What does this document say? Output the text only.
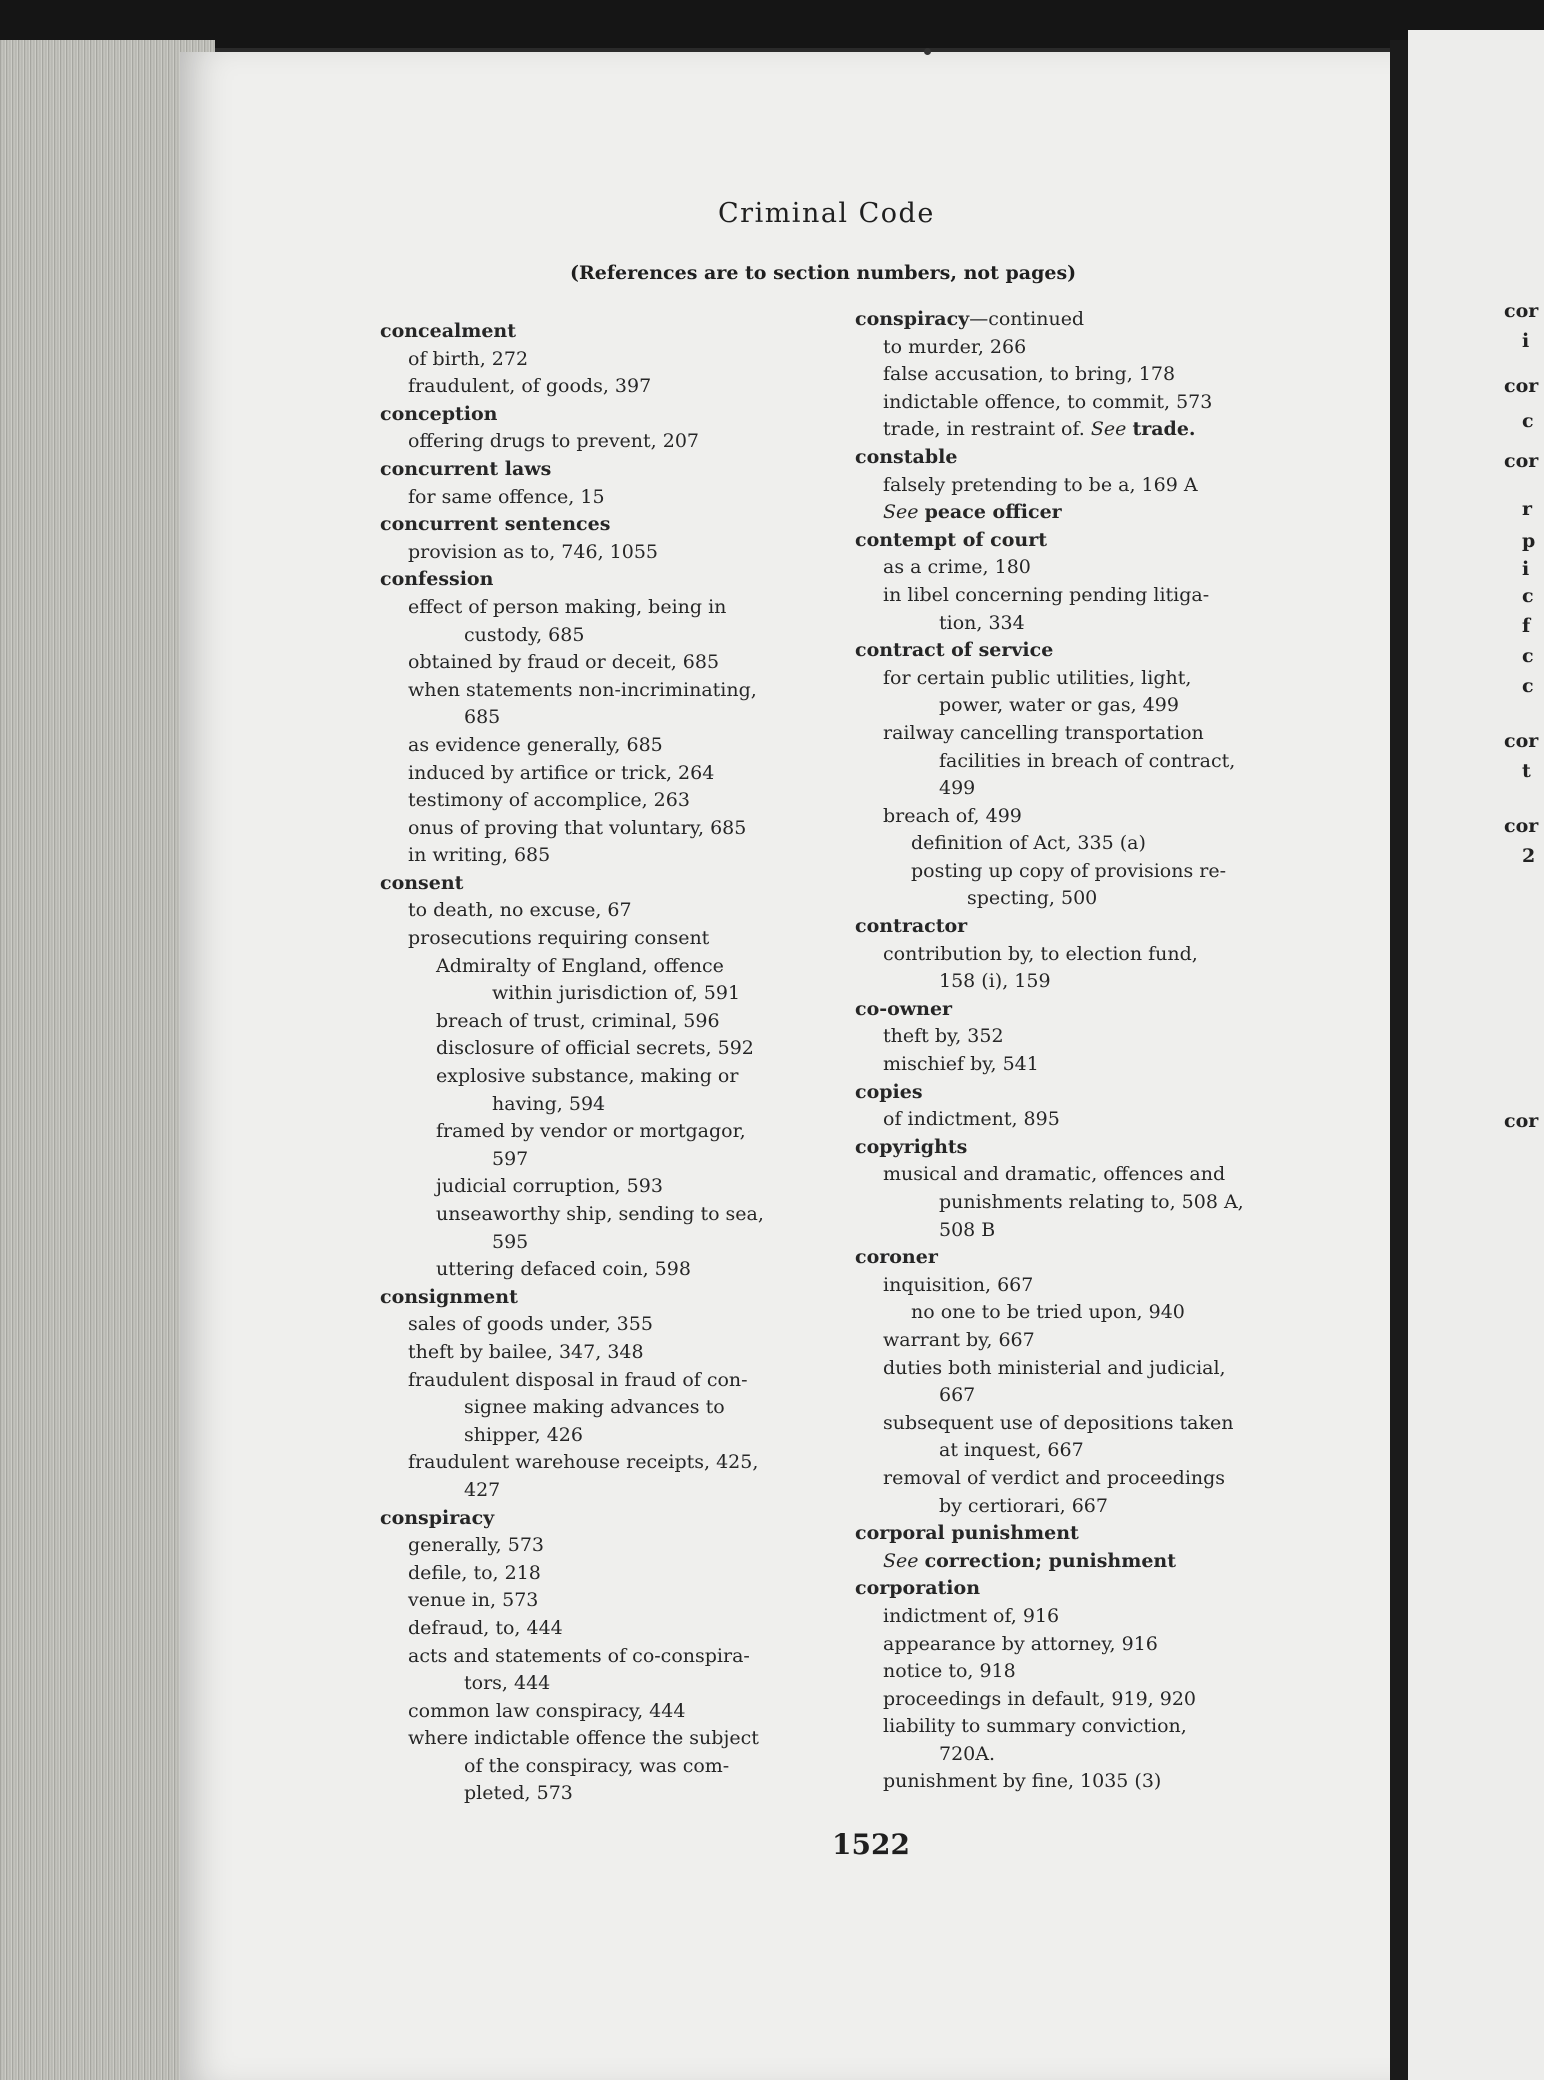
cor
i
cor
c
cor
r
p
i
c
f
c
c
cor
t
cor
2
cor
Criminal Code
(References are to section numbers, not pages)
concealment
of birth, 272
fraudulent, of goods, 397
conception
offering drugs to prevent, 207
concurrent laws
for same offence, 15
concurrent sentences
provision as to, 746, 1055
confession
effect of person making, being in
custody, 685
obtained by fraud or deceit, 685
when statements non-incriminating,
685
as evidence generally, 685
induced by artifice or trick, 264
testimony of accomplice, 263
onus of proving that voluntary, 685
in writing, 685
consent
to death, no excuse, 67
prosecutions requiring consent
Admiralty of England, offence
within jurisdiction of, 591
breach of trust, criminal, 596
disclosure of official secrets, 592
explosive substance, making or
having, 594
framed by vendor or mortgagor,
597
judicial corruption, 593
unseaworthy ship, sending to sea,
595
uttering defaced coin, 598
consignment
sales of goods under, 355
theft by bailee, 347, 348
fraudulent disposal in fraud of con-
signee making advances to
shipper, 426
fraudulent warehouse receipts, 425,
427
conspiracy
generally, 573
defile, to, 218
venue in, 573
defraud, to, 444
acts and statements of co-conspira-
tors, 444
common law conspiracy, 444
where indictable offence the subject
of the conspiracy, was com-
pleted, 573
conspiracy—continued
to murder, 266
false accusation, to bring, 178
indictable offence, to commit, 573
trade, in restraint of. See trade.
constable
falsely pretending to be a, 169 A
See peace officer
contempt of court
as a crime, 180
in libel concerning pending litiga-
tion, 334
contract of service
for certain public utilities, light,
power, water or gas, 499
railway cancelling transportation
facilities in breach of contract,
499
breach of, 499
definition of Act, 335 (a)
posting up copy of provisions re-
specting, 500
contractor
contribution by, to election fund,
158 (i), 159
co-owner
theft by, 352
mischief by, 541
copies
of indictment, 895
copyrights
musical and dramatic, offences and
punishments relating to, 508 A,
508 B
coroner
inquisition, 667
no one to be tried upon, 940
warrant by, 667
duties both ministerial and judicial,
667
subsequent use of depositions taken
at inquest, 667
removal of verdict and proceedings
by certiorari, 667
corporal punishment
See correction; punishment
corporation
indictment of, 916
appearance by attorney, 916
notice to, 918
proceedings in default, 919, 920
liability to summary conviction,
720A.
punishment by fine, 1035 (3)
1522
